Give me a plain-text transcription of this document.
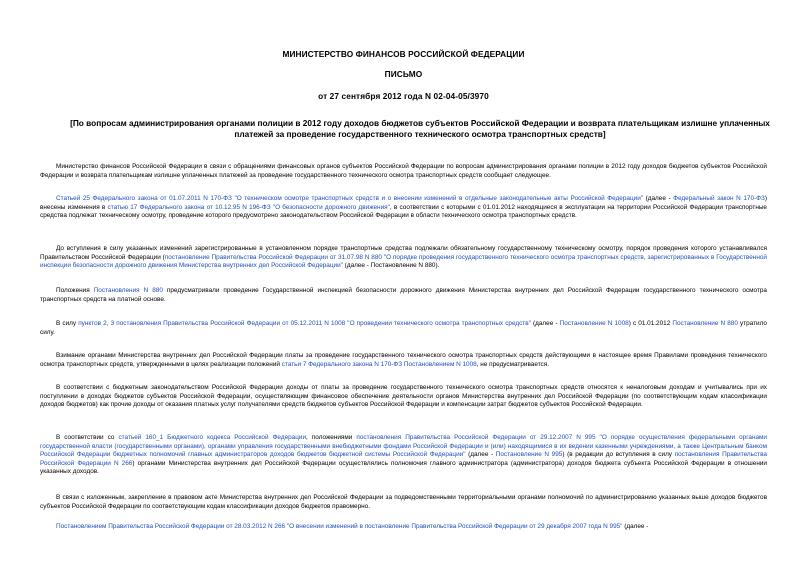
МИНИСТЕРСТВО ФИНАНСОВ РОССИЙСКОЙ ФЕДЕРАЦИИ
ПИСЬМО
от 27 сентября 2012 года N 02-04-05/3970
[По вопросам администрирования органами полиции в 2012 году доходов бюджетов субъектов Российской Федерации и возврата плательщикам излишне уплаченных платежей за проведение государственного технического осмотра транспортных средств]
Министерство финансов Российской Федерации в связи с обращениями финансовых органов субъектов Российской Федерации по вопросам администрирования органами полиции в 2012 году доходов бюджетов субъектов Российской Федерации и возврата плательщикам излишне уплаченных платежей за проведение государственного технического осмотра транспортных средств сообщает следующее.
Статьей 25 Федерального закона от 01.07.2011 N 170-ФЗ "О техническом осмотре транспортных средств и о внесении изменений в отдельные законодательные акты Российской Федерации" (далее - Федеральный закон N 170-ФЗ) внесены изменения в статью 17 Федерального закона от 10.12.95 N 196-ФЗ "О безопасности дорожного движения", в соответствии с которыми с 01.01.2012 находящиеся в эксплуатации на территории Российской Федерации транспортные средства подлежат техническому осмотру, проведение которого предусмотрено законодательством Российской Федерации в области технического осмотра транспортных средств.
До вступления в силу указанных изменений зарегистрированные в установленном порядке транспортные средства подлежали обязательному государственному техническому осмотру, порядок проведения которого устанавливался Правительством Российской Федерации (постановление Правительства Российской Федерации от 31.07.98 N 880 "О порядке проведения государственного технического осмотра транспортных средств, зарегистрированных в Государственной инспекции безопасности дорожного движения Министерства внутренних дел Российской Федерации" (далее - Постановление N 880).
Положения Постановления N 880 предусматривали проведение Государственной инспекцией безопасности дорожного движения Министерства внутренних дел Российской Федерации государственного технического осмотра транспортных средств на платной основе.
В силу пунктов 2, 3 постановления Правительства Российской Федерации от 05.12.2011 N 1008 "О проведении технического осмотра транспортных средств" (далее - Постановление N 1008) с 01.01.2012 Постановление N 880 утратило силу.
Взимание органами Министерства внутренних дел Российской Федерации платы за проведение государственного технического осмотра транспортных средств действующими в настоящее время Правилами проведения технического осмотра транспортных средств, утвержденными в целях реализации положений статьи 7 Федерального закона N 170-ФЗ Постановлением N 1008, не предусматривается.
В соответствии с бюджетным законодательством Российской Федерации доходы от платы за проведение государственного технического осмотра транспортных средств относятся к неналоговым доходам и учитывались при их поступлении в доходах бюджетов субъектов Российской Федерации, осуществляющим финансовое обеспечение деятельности органов Министерства внутренних дел Российской Федерации (по соответствующим кодам классификации доходов бюджетов) как прочие доходы от оказания платных услуг получателями средств бюджетов субъектов Российской Федерации и компенсации затрат бюджетов субъектов Российской Федерации.
В соответствии со статьей 160_1 Бюджетного кодекса Российской Федерации, положениями постановления Правительства Российской Федерации от 29.12.2007 N 995 "О порядке осуществления федеральными органами государственной власти (государственными органами), органами управления государственными внебюджетными фондами Российской Федерации и (или) находящимися в их ведении казенными учреждениями, а также Центральным банком Российской Федерации бюджетных полномочий главных администраторов доходов бюджетов бюджетной системы Российской Федерации" (далее - Постановление N 995) (в редакции до вступления в силу постановления Правительства Российской Федерации N 266) органами Министерства внутренних дел Российской Федерации осуществлялись полномочия главного администратора (администратора) доходов бюджета субъекта Российской Федерации в отношении указанных доходов.
В связи с изложенным, закрепление в правовом акте Министерства внутренних дел Российской Федерации за подведомственными территориальными органами полномочий по администрированию указанных выше доходов бюджетов субъектов Российской Федерации по соответствующим кодам классификации доходов бюджетов правомерно.
Постановлением Правительства Российской Федерации от 28.03.2012 N 266 "О внесении изменений в постановление Правительства Российской Федерации от 29 декабря 2007 года N 995" (далее -
